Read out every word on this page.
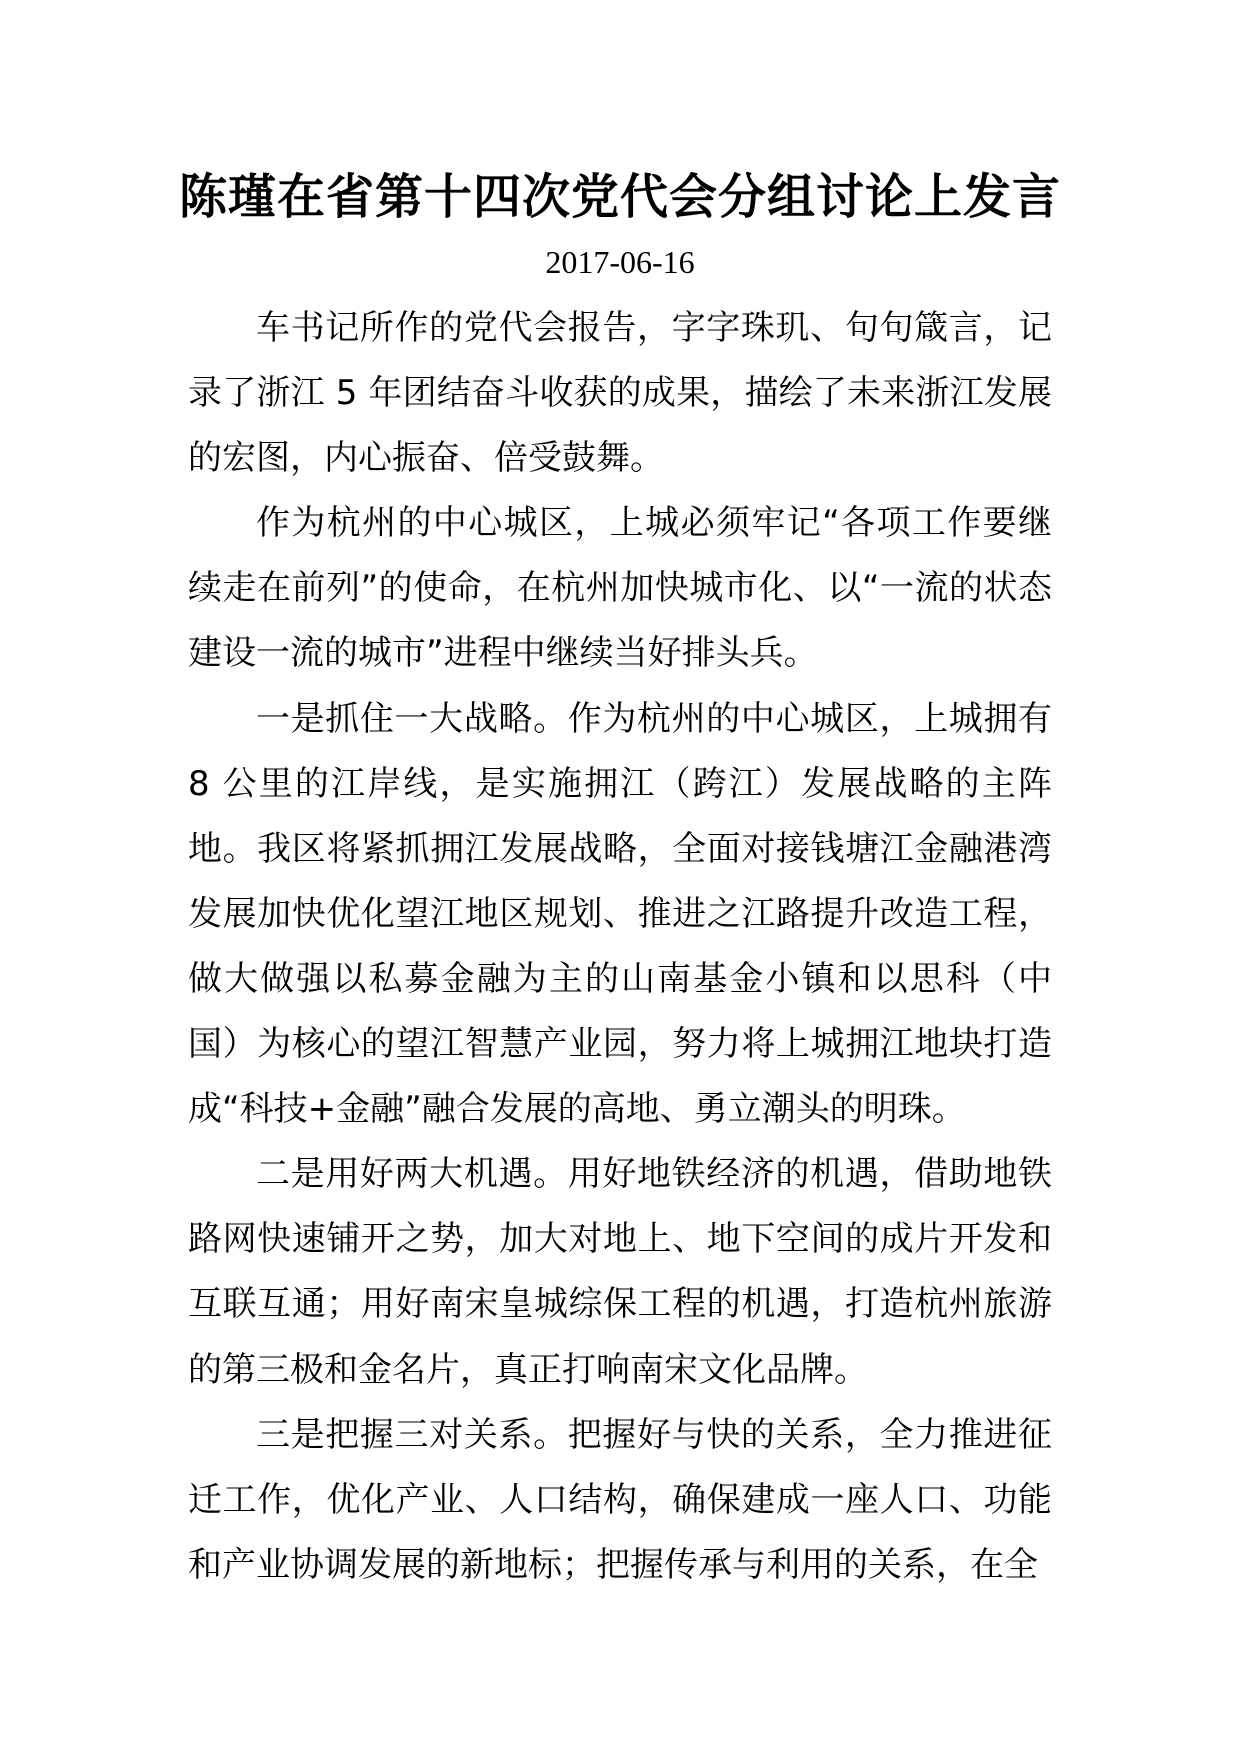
陈瑾在省第十四次党代会分组讨论上发言
2017-06-16

车书记所作的党代会报告，字字珠玑、句句箴言，记录了浙江 5 年团结奋斗收获的成果，描绘了未来浙江发展的宏图，内心振奋、倍受鼓舞。

作为杭州的中心城区，上城必须牢记“各项工作要继续走在前列”的使命，在杭州加快城市化、以“一流的状态建设一流的城市”进程中继续当好排头兵。

一是抓住一大战略。作为杭州的中心城区，上城拥有 8 公里的江岸线，是实施拥江（跨江）发展战略的主阵地。我区将紧抓拥江发展战略，全面对接钱塘江金融港湾发展加快优化望江地区规划、推进之江路提升改造工程，做大做强以私募金融为主的山南基金小镇和以思科（中国）为核心的望江智慧产业园，努力将上城拥江地块打造成“科技+金融”融合发展的高地、勇立潮头的明珠。

二是用好两大机遇。用好地铁经济的机遇，借助地铁路网快速铺开之势，加大对地上、地下空间的成片开发和互联互通；用好南宋皇城综保工程的机遇，打造杭州旅游的第三极和金名片，真正打响南宋文化品牌。

三是把握三对关系。把握好与快的关系，全力推进征迁工作，优化产业、人口结构，确保建成一座人口、功能和产业协调发展的新地标；把握传承与利用的关系，在全
